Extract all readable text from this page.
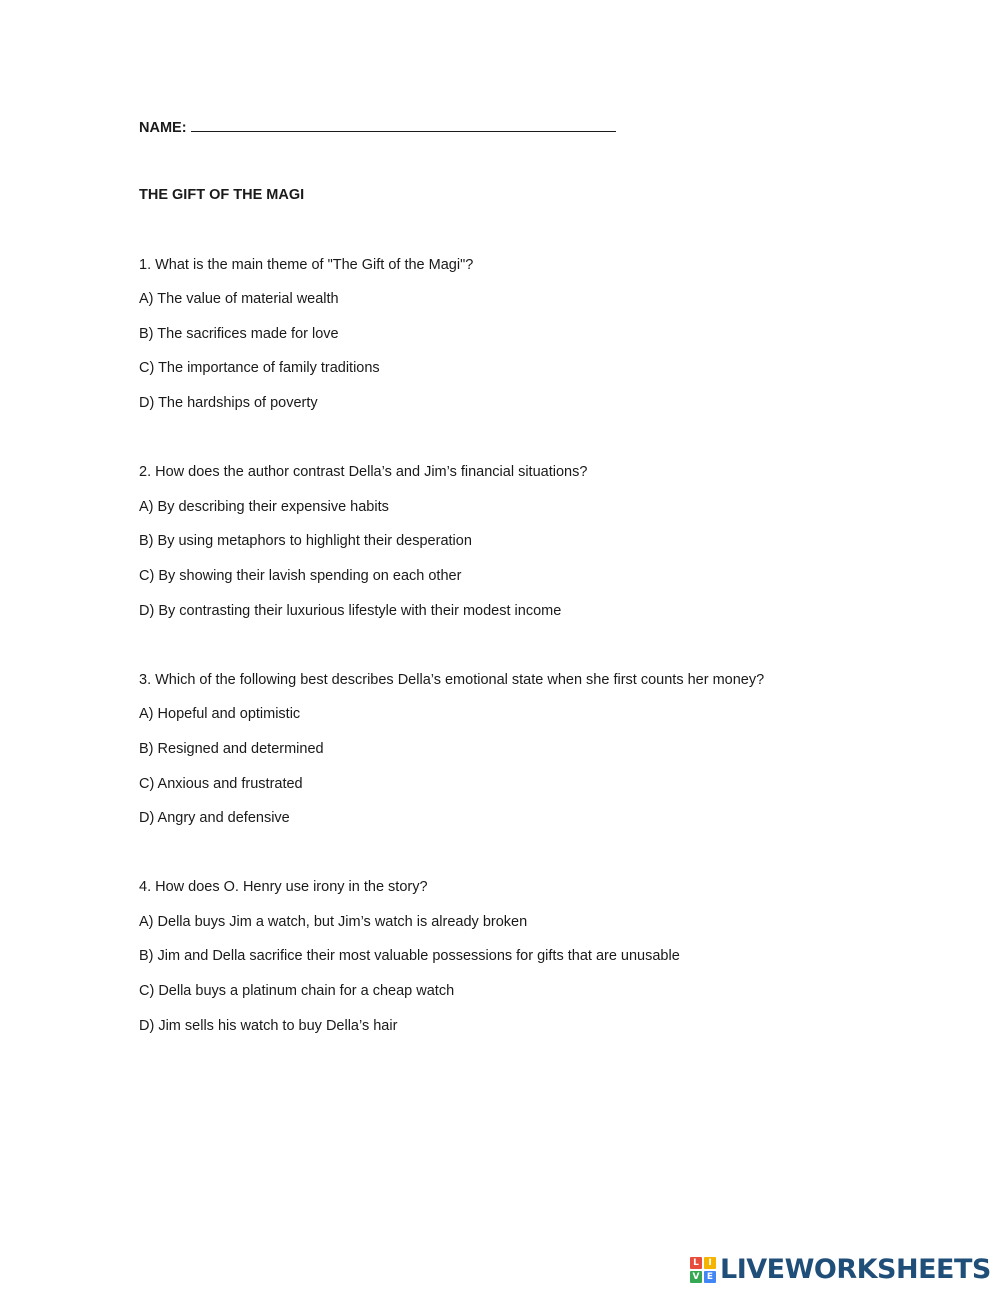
NAME:
THE GIFT OF THE MAGI
1. What is the main theme of "The Gift of the Magi"?
A) The value of material wealth
B) The sacrifices made for love
C) The importance of family traditions
D) The hardships of poverty
2. How does the author contrast Della’s and Jim’s financial situations?
A) By describing their expensive habits
B) By using metaphors to highlight their desperation
C) By showing their lavish spending on each other
D) By contrasting their luxurious lifestyle with their modest income
3. Which of the following best describes Della’s emotional state when she first counts her money?
A) Hopeful and optimistic
B) Resigned and determined
C) Anxious and frustrated
D) Angry and defensive
4. How does O. Henry use irony in the story?
A) Della buys Jim a watch, but Jim’s watch is already broken
B) Jim and Della sacrifice their most valuable possessions for gifts that are unusable
C) Della buys a platinum chain for a cheap watch
D) Jim sells his watch to buy Della’s hair
L	I
V E LIVEWORKSHEETS
